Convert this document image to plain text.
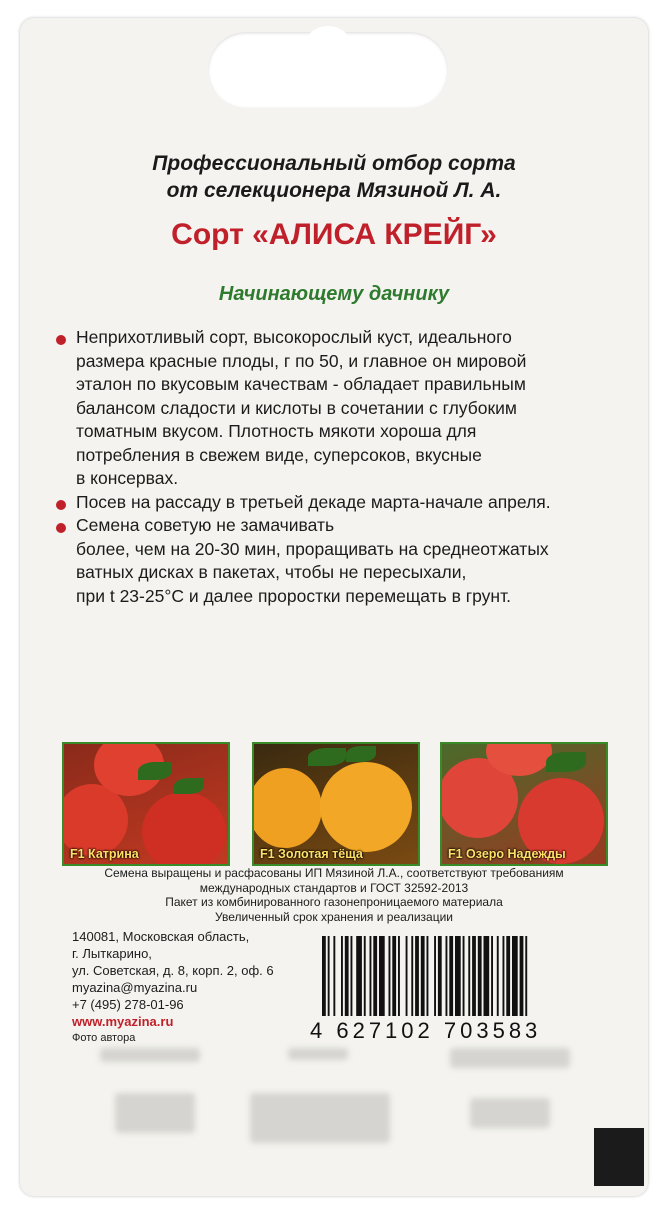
Профессиональный отбор сорта
от селекционера Мязиной Л. А.
Сорт «АЛИСА КРЕЙГ»
Начинающему дачнику
Неприхотливый сорт, высокорослый куст, идеального
размера красные плоды, г по 50, и главное он мировой
эталон по вкусовым качествам - обладает правильным
балансом сладости и кислоты в сочетании с глубоким
томатным вкусом. Плотность мякоти хороша для
потребления в свежем виде, суперсоков, вкусные
в консервах.
Посев на рассаду в третьей декаде марта-начале апреля.
Семена советую не замачивать
более, чем на 20-30 мин, проращивать на среднеотжатых
ватных дисках в пакетах, чтобы не пересыхали,
при t 23-25°C и далее проростки перемещать в грунт.
F1 Катрина	F1 Золотая тёща	F1 Озеро Надежды
Семена выращены и расфасованы ИП Мязиной Л.А., соответствуют требованиям
международных стандартов и ГОСТ 32592-2013
Пакет из комбинированного газонепроницаемого материала
Увеличенный срок хранения и реализации
140081, Московская область,
г. Лыткарино,
ул. Советская, д. 8, корп. 2, оф. 6
myazina@myazina.ru
+7 (495) 278-01-96
www.myazina.ru
Фото автора	4 627102 703583
